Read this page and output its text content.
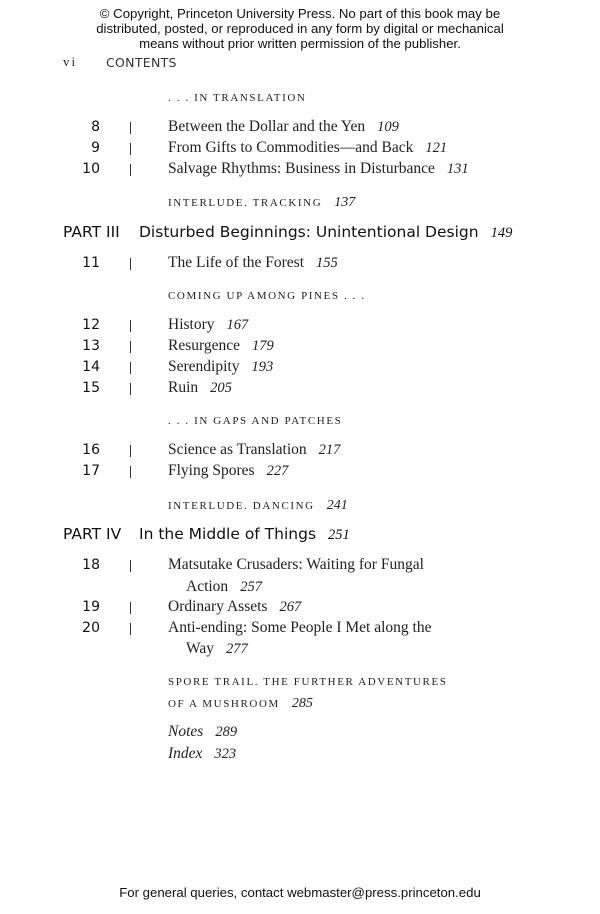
© Copyright, Princeton University Press. No part of this book may be
distributed, posted, or reproduced in any form by digital or mechanical
means without prior written permission of the publisher.
vi CONTENTS
. . . IN TRANSLATION
8	Between the Dollar and the Yen 109
9	From Gifts to Commodities—and Back 121
10	Salvage Rhythms: Business in Disturbance 131
INTERLUDE. TRACKING 137
PART III Disturbed Beginnings: Unintentional Design 149
11	The Life of the Forest 155
COMING UP AMONG PINES . . .
12	History 167
13	Resurgence 179
14	Serendipity 193
15	Ruin 205
. . . IN GAPS AND PATCHES
16	Science as Translation 217
17	Flying Spores 227
INTERLUDE. DANCING 241
PART IV In the Middle of Things 251
18	Matsutake Crusaders: Waiting for Fungal
Action 257
19	Ordinary Assets 267
20	Anti-ending: Some People I Met along the
Way 277
SPORE TRAIL. THE FURTHER ADVENTURES
OF A MUSHROOM 285
Notes 289
Index 323
For general queries, contact webmaster@press.princeton.edu
